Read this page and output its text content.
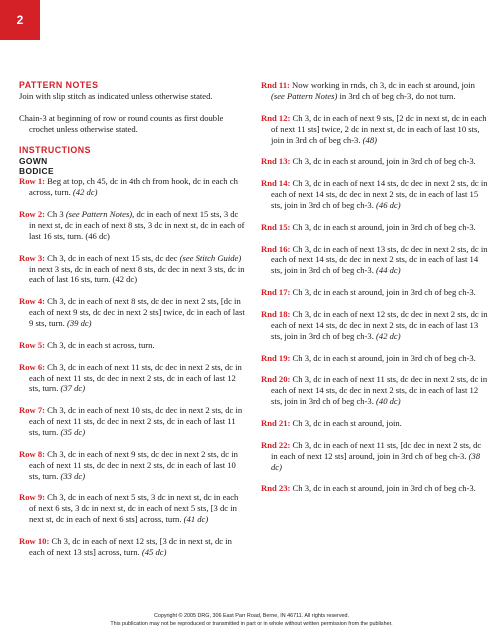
2
PATTERN NOTES

Join with slip stitch as indicated unless otherwise stated.

Chain-3 at beginning of row or round counts as first double crochet unless otherwise stated.

INSTRUCTIONS
GOWN
BODICE

Row 1: Beg at top, ch 45, dc in 4th ch from hook, dc in each ch across, turn. (42 dc)

Row 2: Ch 3 (see Pattern Notes), dc in each of next 15 sts, 3 dc in next st, dc in each of next 8 sts, 3 dc in next st, dc in each of last 16 sts, turn. (46 dc)

Row 3: Ch 3, dc in each of next 15 sts, dc dec (see Stitch Guide) in next 3 sts, dc in each of next 8 sts, dc dec in next 3 sts, dc in each of last 16 sts, turn. (42 dc)

Row 4: Ch 3, dc in each of next 8 sts, dc dec in next 2 sts, [dc in each of next 9 sts, dc dec in next 2 sts] twice, dc in each of last 9 sts, turn. (39 dc)

Row 5: Ch 3, dc in each st across, turn.

Row 6: Ch 3, dc in each of next 11 sts, dc dec in next 2 sts, dc in each of next 11 sts, dc dec in next 2 sts, dc in each of last 12 sts, turn. (37 dc)

Row 7: Ch 3, dc in each of next 10 sts, dc dec in next 2 sts, dc in each of next 11 sts, dc dec in next 2 sts, dc in each of last 11 sts, turn. (35 dc)

Row 8: Ch 3, dc in each of next 9 sts, dc dec in next 2 sts, dc in each of next 11 sts, dc dec in next 2 sts, dc in each of last 10 sts, turn. (33 dc)

Row 9: Ch 3, dc in each of next 5 sts, 3 dc in next st, dc in each of next 6 sts, 3 dc in next st, dc in each of next 5 sts, [3 dc in next st, dc in each of next 6 sts] across, turn. (41 dc)

Row 10: Ch 3, dc in each of next 12 sts, [3 dc in next st, dc in each of next 13 sts] across, turn. (45 dc)

Rnd 11: Now working in rnds, ch 3, dc in each st around, join (see Pattern Notes) in 3rd ch of beg ch-3, do not turn.

Rnd 12: Ch 3, dc in each of next 9 sts, [2 dc in next st, dc in each of next 11 sts] twice, 2 dc in next st, dc in each of last 10 sts, join in 3rd ch of beg ch-3. (48)

Rnd 13: Ch 3, dc in each st around, join in 3rd ch of beg ch-3.

Rnd 14: Ch 3, dc in each of next 14 sts, dc dec in next 2 sts, dc in each of next 14 sts, dc dec in next 2 sts, dc in each of last 15 sts, join in 3rd ch of beg ch-3. (46 dc)

Rnd 15: Ch 3, dc in each st around, join in 3rd ch of beg ch-3.

Rnd 16: Ch 3, dc in each of next 13 sts, dc dec in next 2 sts, dc in each of next 14 sts, dc dec in next 2 sts, dc in each of last 14 sts, join in 3rd ch of beg ch-3. (44 dc)

Rnd 17: Ch 3, dc in each st around, join in 3rd ch of beg ch-3.

Rnd 18: Ch 3, dc in each of next 12 sts, dc dec in next 2 sts, dc in each of next 14 sts, dc dec in next 2 sts, dc in each of last 13 sts, join in 3rd ch of beg ch-3. (42 dc)

Rnd 19: Ch 3, dc in each st around, join in 3rd ch of beg ch-3.

Rnd 20: Ch 3, dc in each of next 11 sts, dc dec in next 2 sts, dc in each of next 14 sts, dc dec in next 2 sts, dc in each of last 12 sts, join in 3rd ch of beg ch-3. (40 dc)

Rnd 21: Ch 3, dc in each st around, join.

Rnd 22: Ch 3, dc in each of next 11 sts, [dc dec in next 2 sts, dc in each of next 12 sts] around, join in 3rd ch of beg ch-3. (38 dc)

Rnd 23: Ch 3, dc in each st around, join in 3rd ch of beg ch-3.

Copyright © 2005 DRG, 306 East Parr Road, Berne, IN 46711. All rights reserved.
This publication may not be reproduced or transmitted in part or in whole without written permission from the publisher.
